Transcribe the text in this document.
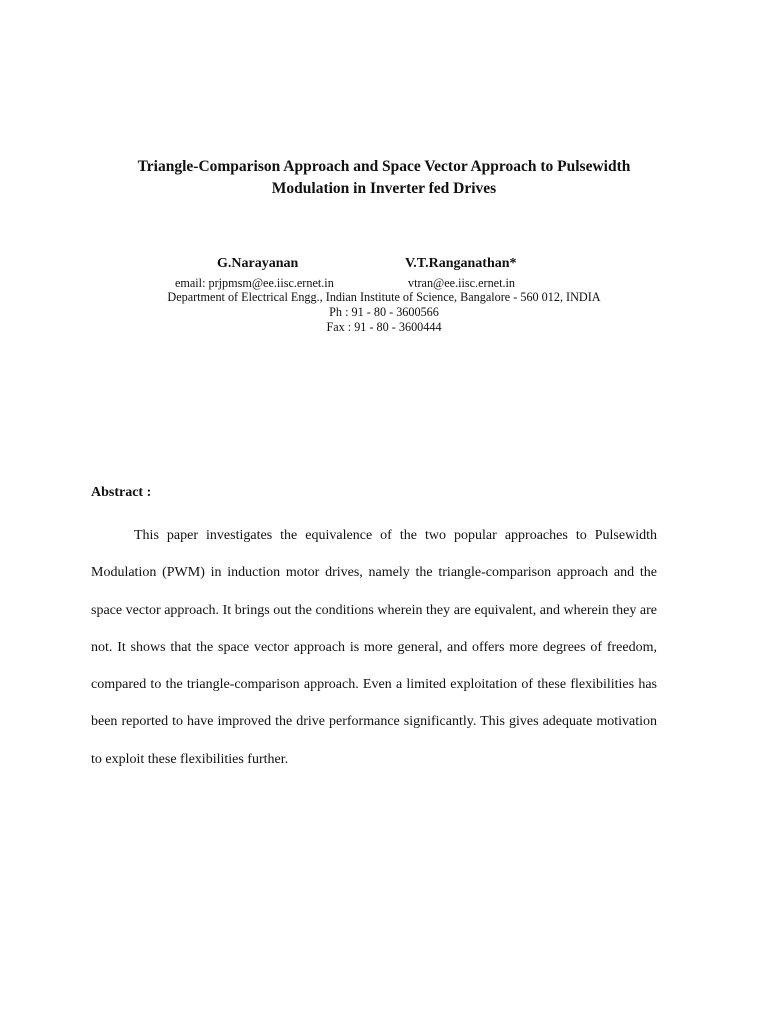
Triangle-Comparison Approach and Space Vector Approach to Pulsewidth
Modulation in Inverter fed Drives
G.Narayanan	V.T.Ranganathan*
email: prjpmsm@ee.iisc.ernet.in	vtran@ee.iisc.ernet.in
Department of Electrical Engg., Indian Institute of Science, Bangalore - 560 012, INDIA
Ph : 91 - 80 - 3600566
Fax : 91 - 80 - 3600444
Abstract :

This paper investigates the equivalence of the two popular approaches to Pulsewidth Modulation (PWM) in induction motor drives, namely the triangle-comparison approach and the space vector approach. It brings out the conditions wherein they are equivalent, and wherein they are not. It shows that the space vector approach is more general, and offers more degrees of freedom, compared to the triangle-comparison approach. Even a limited exploitation of these flexibilities has been reported to have improved the drive performance significantly. This gives adequate motivation to exploit these flexibilities further.
